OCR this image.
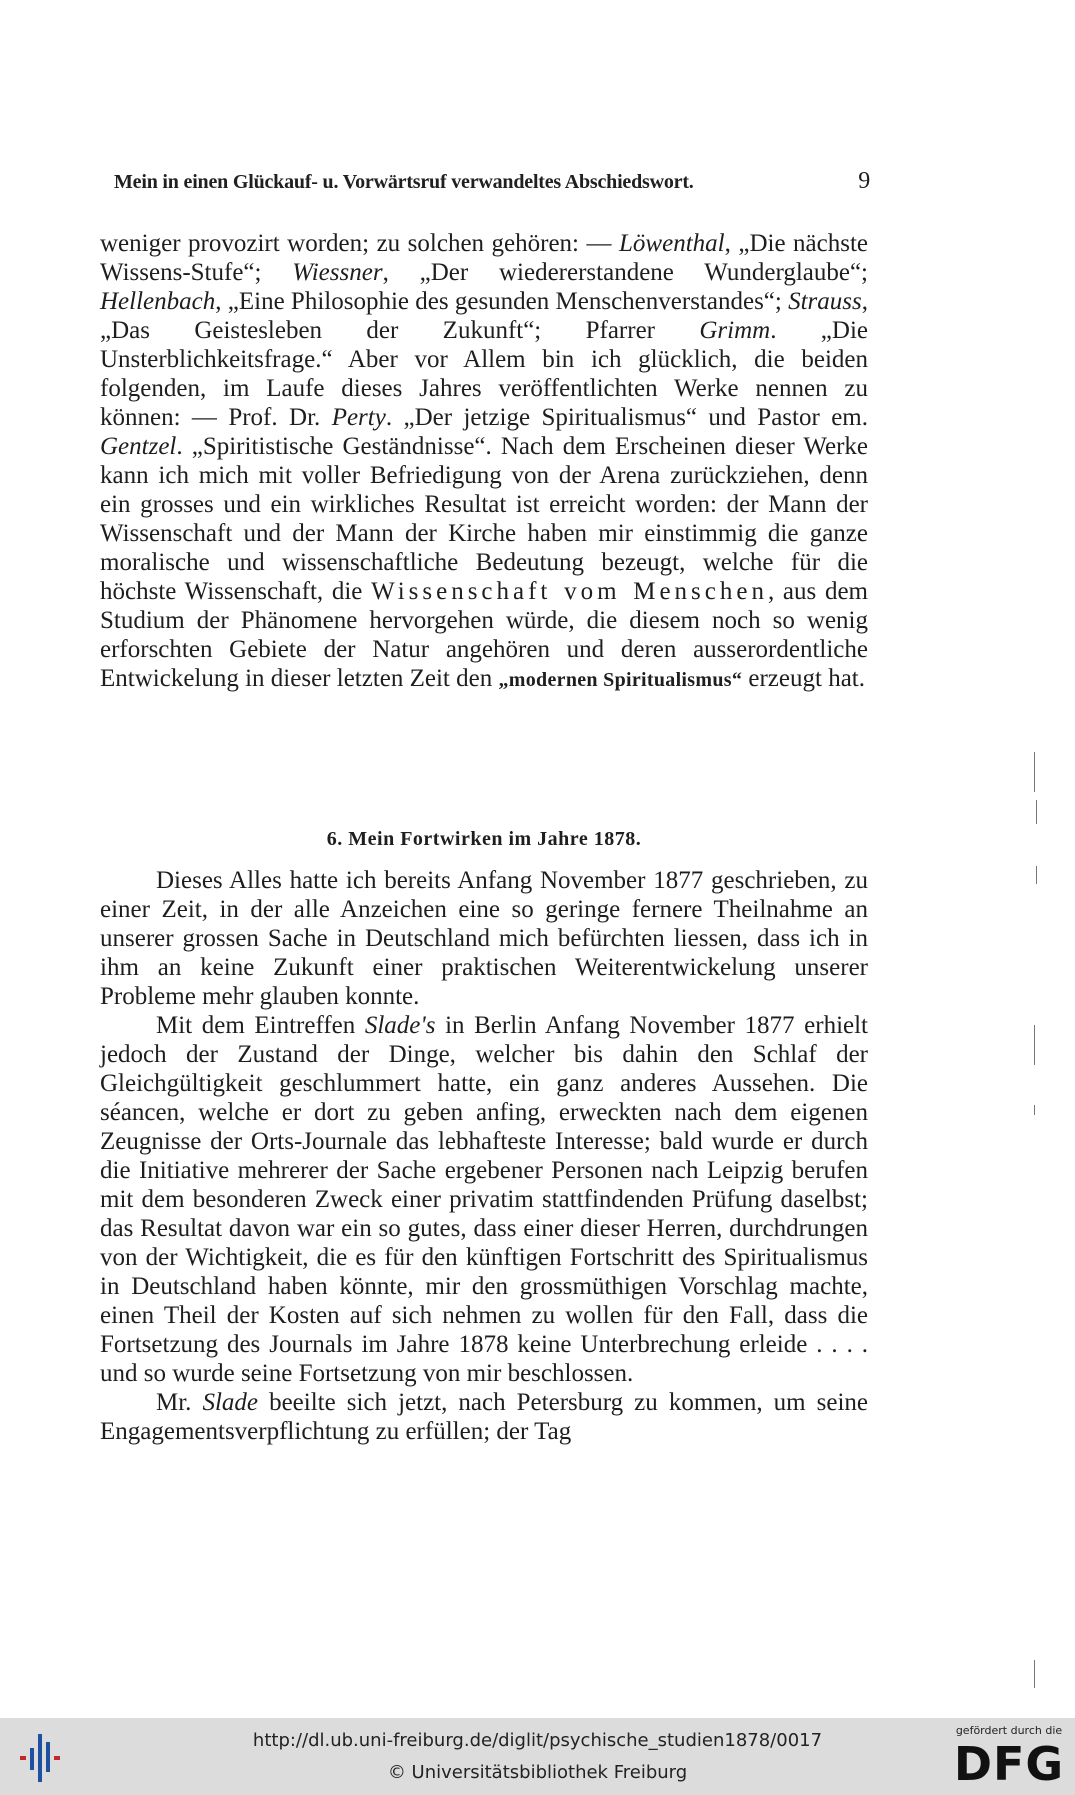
Mein in einen Glückauf- u. Vorwärtsruf verwandeltes Abschiedswort.	9

weniger provozirt worden; zu solchen gehören: — Löwenthal, „Die nächste Wissens-Stufe“; Wiessner, „Der wiedererstandene Wunderglaube“; Hellenbach, „Eine Philosophie des gesunden Menschenverstandes“; Strauss, „Das Geistesleben der Zukunft“; Pfarrer Grimm. „Die Unsterblichkeitsfrage.“ Aber vor Allem bin ich glücklich, die beiden folgenden, im Laufe dieses Jahres veröffentlichten Werke nennen zu können: — Prof. Dr. Perty. „Der jetzige Spiritualismus“ und Pastor em. Gentzel. „Spiritistische Geständnisse“. Nach dem Erscheinen dieser Werke kann ich mich mit voller Befriedigung von der Arena zurückziehen, denn ein grosses und ein wirkliches Resultat ist erreicht worden: der Mann der Wissenschaft und der Mann der Kirche haben mir einstimmig die ganze moralische und wissenschaftliche Bedeutung bezeugt, welche für die höchste Wissenschaft, die Wissenschaft vom Menschen, aus dem Studium der Phänomene hervorgehen würde, die diesem noch so wenig erforschten Gebiete der Natur angehören und deren ausserordentliche Entwickelung in dieser letzten Zeit den „modernen Spiritualismus“ erzeugt hat.

6. Mein Fortwirken im Jahre 1878.

Dieses Alles hatte ich bereits Anfang November 1877 geschrieben, zu einer Zeit, in der alle Anzeichen eine so geringe fernere Theilnahme an unserer grossen Sache in Deutschland mich befürchten liessen, dass ich in ihm an keine Zukunft einer praktischen Weiterentwickelung unserer Probleme mehr glauben konnte.

Mit dem Eintreffen Slade's in Berlin Anfang November 1877 erhielt jedoch der Zustand der Dinge, welcher bis dahin den Schlaf der Gleichgültigkeit geschlummert hatte, ein ganz anderes Aussehen. Die séancen, welche er dort zu geben anfing, erweckten nach dem eigenen Zeugnisse der Orts-Journale das lebhafteste Interesse; bald wurde er durch die Initiative mehrerer der Sache ergebener Personen nach Leipzig berufen mit dem besonderen Zweck einer privatim stattfindenden Prüfung daselbst; das Resultat davon war ein so gutes, dass einer dieser Herren, durchdrungen von der Wichtigkeit, die es für den künftigen Fortschritt des Spiritualismus in Deutschland haben könnte, mir den grossmüthigen Vorschlag machte, einen Theil der Kosten auf sich nehmen zu wollen für den Fall, dass die Fortsetzung des Journals im Jahre 1878 keine Unterbrechung erleide . . . . und so wurde seine Fortsetzung von mir beschlossen.

Mr. Slade beeilte sich jetzt, nach Petersburg zu kommen, um seine Engagementsverpflichtung zu erfüllen; der Tag

http://dl.ub.uni-freiburg.de/diglit/psychische_studien1878/0017
© Universitätsbibliothek Freiburg
gefördert durch die
DFG
